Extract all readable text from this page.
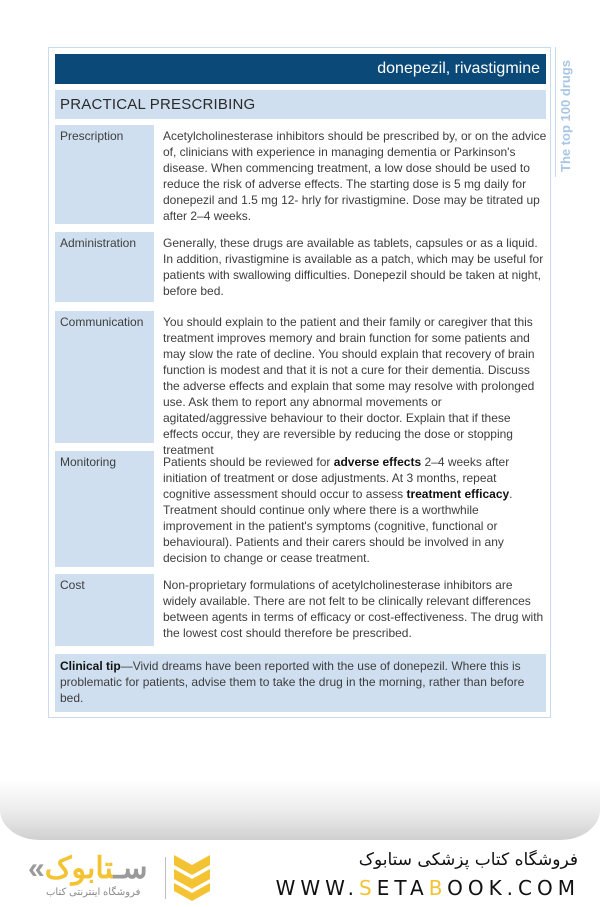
donepezil, rivastigmine
PRACTICAL PRESCRIBING	The top 100 drugs
Prescription	Acetylcholinesterase inhibitors should be prescribed by, or on the advice of, clinicians with experience in managing dementia or Parkinson's disease. When commencing treatment, a low dose should be used to reduce the risk of adverse effects. The starting dose is 5 mg daily for donepezil and 1.5 mg 12- hrly for rivastigmine. Dose may be titrated up after 2–4 weeks.
Administration	Generally, these drugs are available as tablets, capsules or as a liquid. In addition, rivastigmine is available as a patch, which may be useful for patients with swallowing difficulties. Donepezil should be taken at night, before bed.
Communication	You should explain to the patient and their family or caregiver that this treatment improves memory and brain function for some patients and may slow the rate of decline. You should explain that recovery of brain function is modest and that it is not a cure for their dementia. Discuss the adverse effects and explain that some may resolve with prolonged use. Ask them to report any abnormal movements or agitated/aggressive behaviour to their doctor. Explain that if these effects occur, they are reversible by reducing the dose or stopping treatment
Monitoring	Patients should be reviewed for adverse effects 2–4 weeks after initiation of treatment or dose adjustments. At 3 months, repeat cognitive assessment should occur to assess treatment efficacy. Treatment should continue only where there is a worthwhile improvement in the patient's symptoms (cognitive, functional or behavioural). Patients and their carers should be involved in any decision to change or cease treatment.
Cost	Non-proprietary formulations of acetylcholinesterase inhibitors are widely available. There are not felt to be clinically relevant differences between agents in terms of efficacy or cost-effectiveness. The drug with the lowest cost should therefore be prescribed.
Clinical tip—Vivid dreams have been reported with the use of donepezil. Where this is problematic for patients, advise them to take the drug in the morning, rather than before bed.
«سـتابوک
فروشگاه اینترنتی کتاب
فروشگاه کتاب پزشکی ستابوک
WWW.SETABOOK.COM
